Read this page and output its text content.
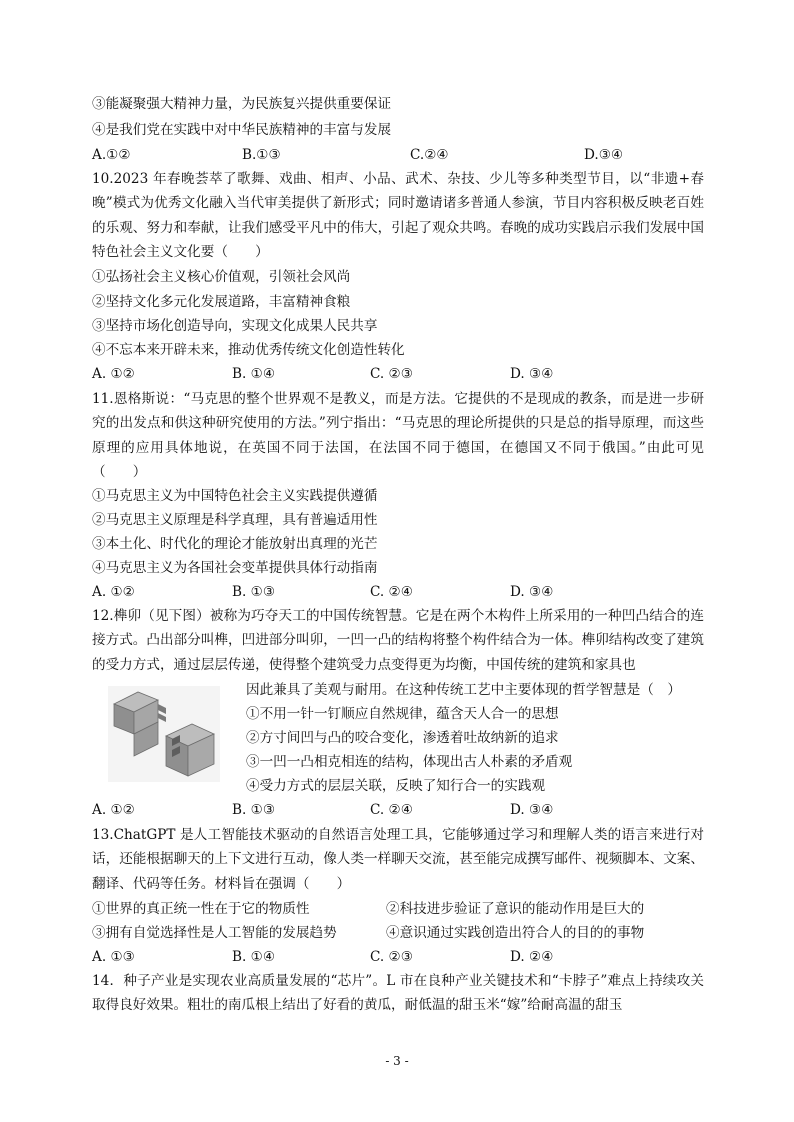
③能凝聚强大精神力量，为民族复兴提供重要保证
④是我们党在实践中对中华民族精神的丰富与发展
A.①②	B.①③	C.②④	D.③④
10.2023 年春晚荟萃了歌舞、戏曲、相声、小品、武术、杂技、少儿等多种类型节目，以“非遗+春晚”模式为优秀文化融入当代审美提供了新形式；同时邀请诸多普通人参演，节目内容积极反映老百姓的乐观、努力和奉献，让我们感受平凡中的伟大，引起了观众共鸣。春晚的成功实践启示我们发展中国特色社会主义文化要（　　）
①弘扬社会主义核心价值观，引领社会风尚
②坚持文化多元化发展道路，丰富精神食粮
③坚持市场化创造导向，实现文化成果人民共享
④不忘本来开辟未来，推动优秀传统文化创造性转化
A. ①②	B. ①④	C. ②③	D. ③④
11.恩格斯说：“马克思的整个世界观不是教义，而是方法。它提供的不是现成的教条，而是进一步研究的出发点和供这种研究使用的方法。”列宁指出：“马克思的理论所提供的只是总的指导原理，而这些原理的应用具体地说，在英国不同于法国，在法国不同于德国，在德国又不同于俄国。”由此可见（　　）
①马克思主义为中国特色社会主义实践提供遵循
②马克思主义原理是科学真理，具有普遍适用性
③本土化、时代化的理论才能放射出真理的光芒
④马克思主义为各国社会变革提供具体行动指南
A. ①②	B. ①③	C. ②④	D. ③④
12.榫卯（见下图）被称为巧夺天工的中国传统智慧。它是在两个木构件上所采用的一种凹凸结合的连接方式。凸出部分叫榫，凹进部分叫卯，一凹一凸的结构将整个构件结合为一体。榫卯结构改变了建筑的受力方式，通过层层传递，使得整个建筑受力点变得更为均衡，中国传统的建筑和家具也
因此兼具了美观与耐用。在这种传统工艺中主要体现的哲学智慧是（　）
①不用一针一钉顺应自然规律，蕴含天人合一的思想
②方寸间凹与凸的咬合变化，渗透着吐故纳新的追求
③一凹一凸相克相连的结构，体现出古人朴素的矛盾观
④受力方式的层层关联，反映了知行合一的实践观
A. ①②	B. ①③	C. ②④	D. ③④
13.ChatGPT 是人工智能技术驱动的自然语言处理工具，它能够通过学习和理解人类的语言来进行对话，还能根据聊天的上下文进行互动，像人类一样聊天交流，甚至能完成撰写邮件、视频脚本、文案、翻译、代码等任务。材料旨在强调（　　）
①世界的真正统一性在于它的物质性	②科技进步验证了意识的能动作用是巨大的
③拥有自觉选择性是人工智能的发展趋势	④意识通过实践创造出符合人的目的的事物
A. ①③	B. ①④	C. ②③	D. ②④
14．种子产业是实现农业高质量发展的“芯片”。L 市在良种产业关键技术和“卡脖子”难点上持续攻关取得良好效果。粗壮的南瓜根上结出了好看的黄瓜，耐低温的甜玉米“嫁”给耐高温的甜玉
- 3 -
